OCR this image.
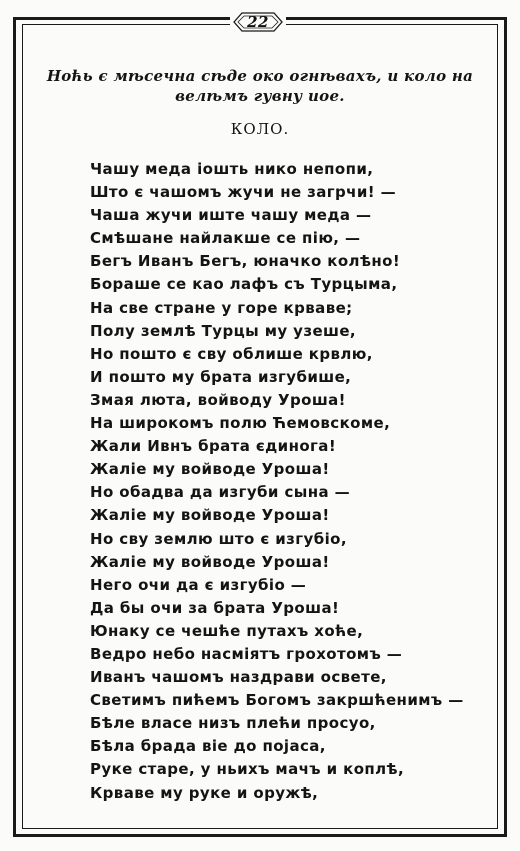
22
Ноћь є мѣсечна сѣде око огнѣвахъ, и коло на велѣмъ гувну иое.
КОЛО.
Чашу меда іошть нико непопи,
Што є чашомъ жучи не загрчи! —
Чаша жучи иште чашу меда —
Смѣшане найлакше се пію, —
Бегъ Иванъ Бегъ, юначко колѣно!
Бораше се као лафъ съ Турцыма,
На све стране у горе крваве;
Полу землѣ Турцы му узеше,
Но пошто є сву облише крвлю,
И пошто му брата изгубише,
Змая люта, войводу Уроша!
На широкомъ полю Ћемовскоме,
Жали Ивнъ брата єдиногa!
Жаліе му войводе Уроша!
Но обадва да изгуби сына —
Жаліе му войводе Уроша!
Но сву землю што є изгубіо,
Жаліе му войводе Уроша!
Него очи да є изгубіо —
Да бы очи за брата Уроша!
Юнаку се чешће путахъ хоће,
Ведро небо насміятъ грохотомъ —
Иванъ чашомъ наздрави освете,
Светимъ пићемъ Богомъ закршћенимъ —
Бѣле власе низъ плећи просуо,
Бѣла брада віе до појаса,
Руке старе, у ньихъ мачъ и коплѣ,
Крваве му руке и оружѣ,
